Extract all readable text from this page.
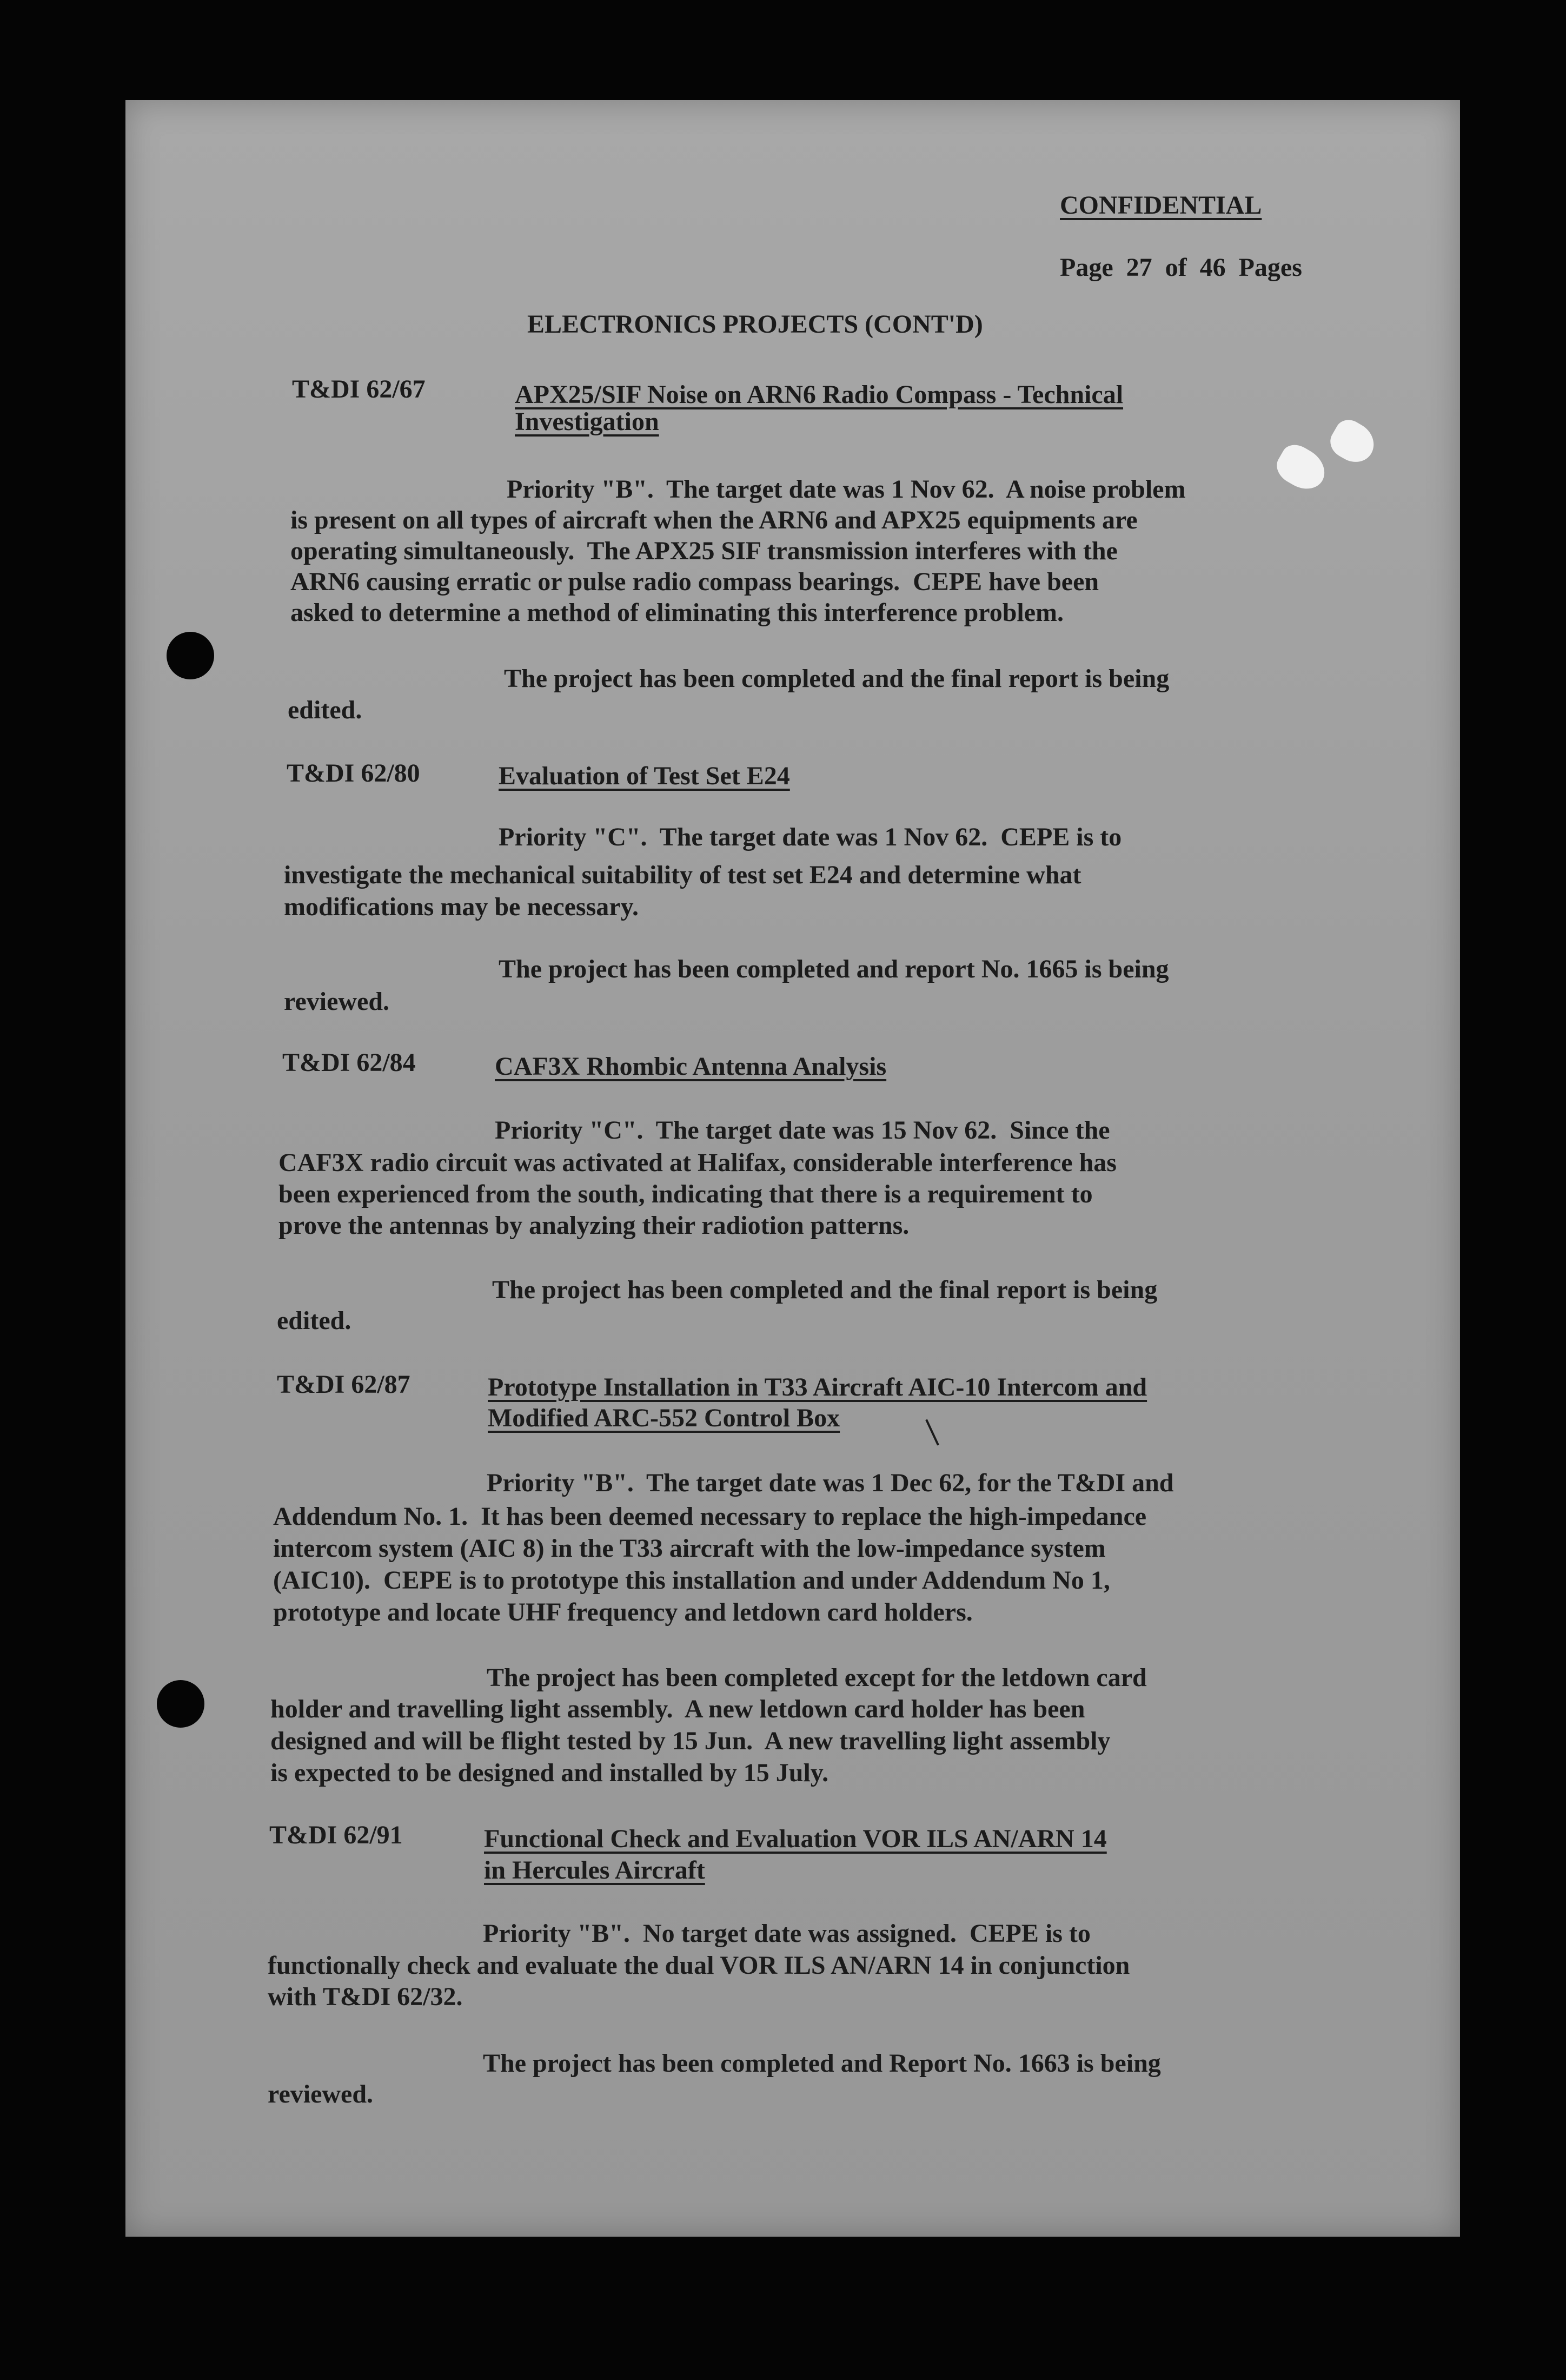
CONFIDENTIAL
Page  27  of  46  Pages
ELECTRONICS PROJECTS (CONT'D)
T&DI 62/67	APX25/SIF Noise on ARN6 Radio Compass - Technical
Investigation
Priority "B".  The target date was 1 Nov 62.  A noise problem
is present on all types of aircraft when the ARN6 and APX25 equipments are
operating simultaneously.  The APX25 SIF transmission interferes with the
ARN6 causing erratic or pulse radio compass bearings.  CEPE have been
asked to determine a method of eliminating this interference problem.
The project has been completed and the final report is being
edited.
T&DI 62/80	Evaluation of Test Set E24
Priority "C".  The target date was 1 Nov 62.  CEPE is to
investigate the mechanical suitability of test set E24 and determine what
modifications may be necessary.
The project has been completed and report No. 1665 is being
reviewed.
T&DI 62/84	CAF3X Rhombic Antenna Analysis
Priority "C".  The target date was 15 Nov 62.  Since the
CAF3X radio circuit was activated at Halifax, considerable interference has
been experienced from the south, indicating that there is a requirement to
prove the antennas by analyzing their radiotion patterns.
The project has been completed and the final report is being
edited.
T&DI 62/87	Prototype Installation in T33 Aircraft AIC-10 Intercom and
Modified ARC-552 Control Box
Priority "B".  The target date was 1 Dec 62, for the T&DI and
Addendum No. 1.  It has been deemed necessary to replace the high-impedance
intercom system (AIC 8) in the T33 aircraft with the low-impedance system
(AIC10).  CEPE is to prototype this installation and under Addendum No 1,
prototype and locate UHF frequency and letdown card holders.
The project has been completed except for the letdown card
holder and travelling light assembly.  A new letdown card holder has been
designed and will be flight tested by 15 Jun.  A new travelling light assembly
is expected to be designed and installed by 15 July.
T&DI 62/91	Functional Check and Evaluation VOR ILS AN/ARN 14
in Hercules Aircraft
Priority "B".  No target date was assigned.  CEPE is to
functionally check and evaluate the dual VOR ILS AN/ARN 14 in conjunction
with T&DI 62/32.
The project has been completed and Report No. 1663 is being
reviewed.
